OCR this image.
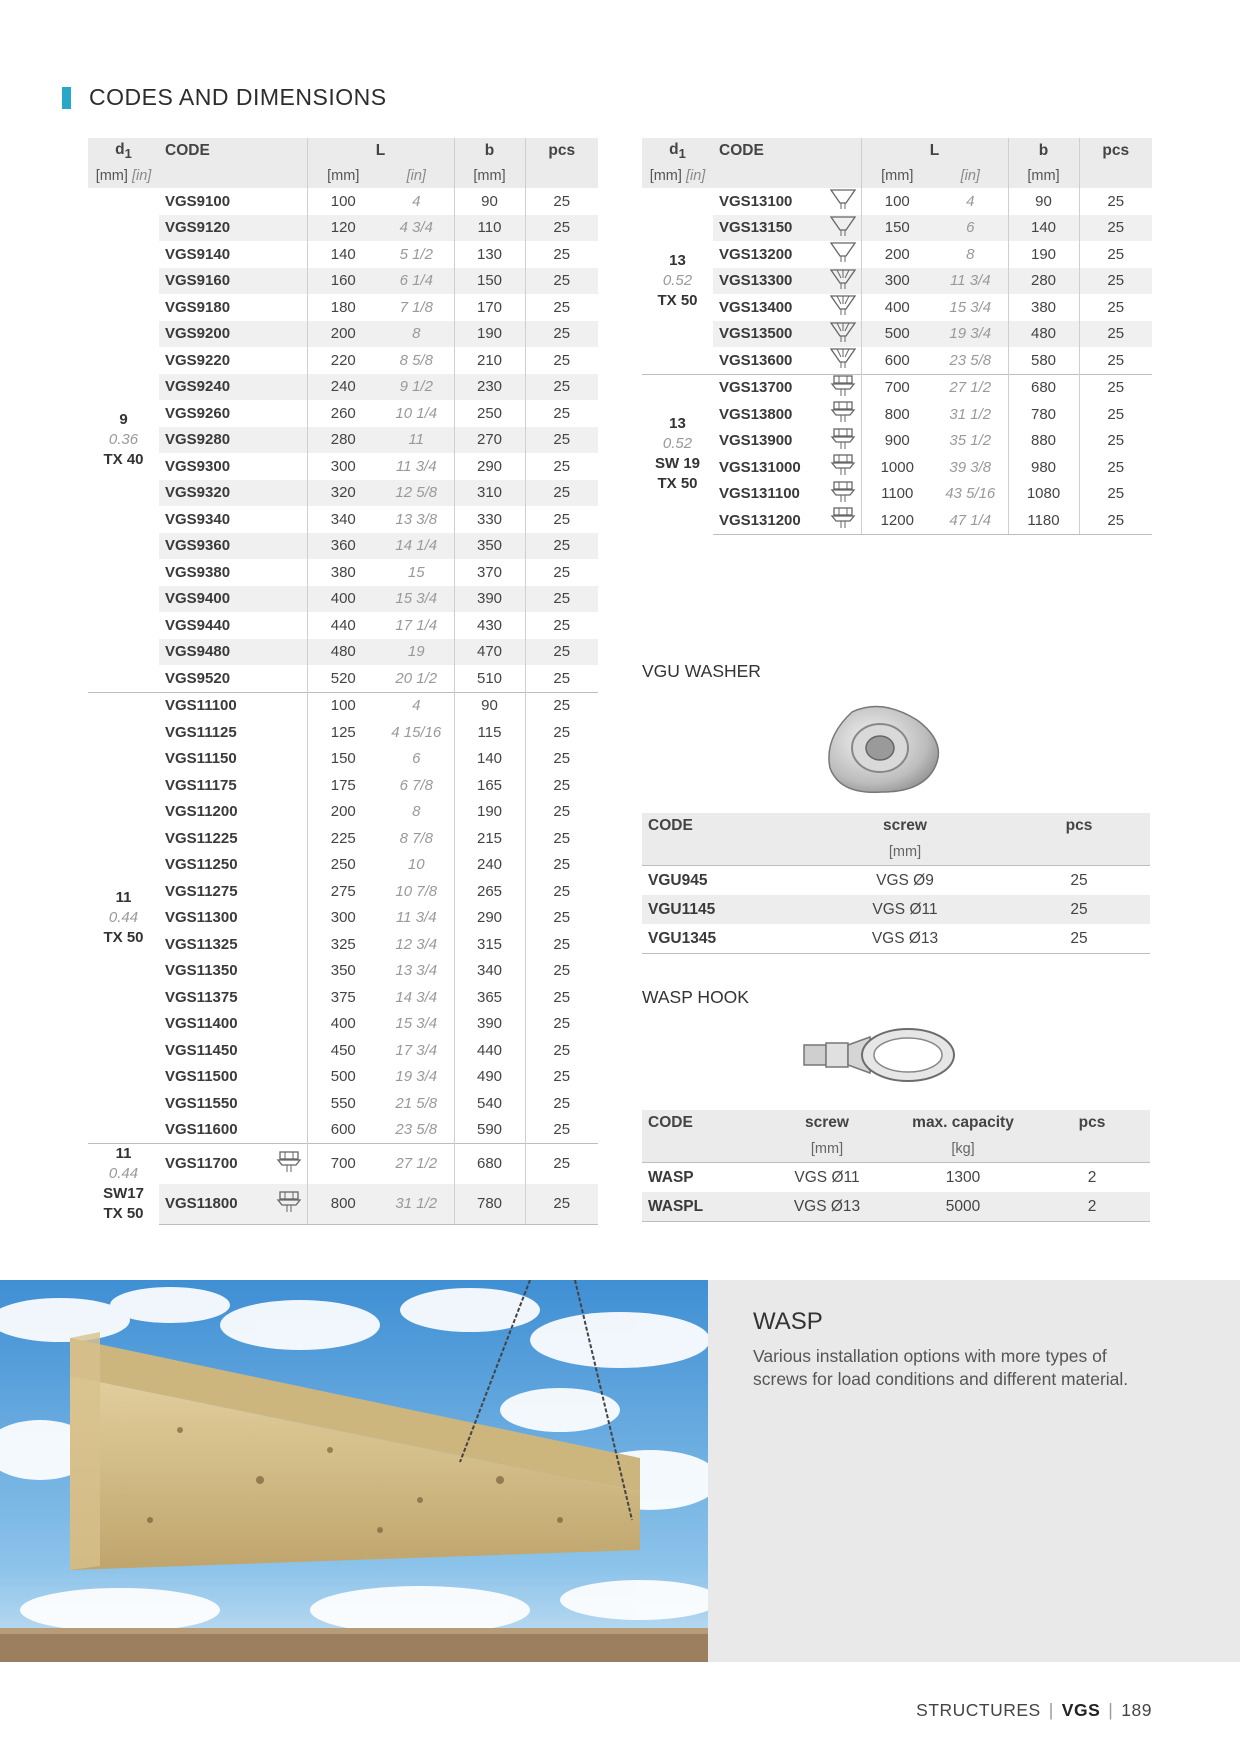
CODES AND DIMENSIONS
$d_1$	CODE		L		b	pcs
[mm] [in]			[mm]	[in]	[mm]	
9
0.36
TX 40	VGS9100		100	4	90	25
	VGS9120		120	4 3/4	110	25
	VGS9140		140	5 1/2	130	25
	VGS9160		160	6 1/4	150	25
	VGS9180		180	7 1/8	170	25
	VGS9200		200	8	190	25
	VGS9220		220	8 5/8	210	25
	VGS9240		240	9 1/2	230	25
	VGS9260		260	10 1/4	250	25
	VGS9280		280	11	270	25
	VGS9300		300	11 3/4	290	25
	VGS9320		320	12 5/8	310	25
	VGS9340		340	13 3/8	330	25
	VGS9360		360	14 1/4	350	25
	VGS9380		380	15	370	25
	VGS9400		400	15 3/4	390	25
	VGS9440		440	17 1/4	430	25
	VGS9480		480	19	470	25
	VGS9520		520	20 1/2	510	25
11
0.44
TX 50	VGS11100		100	4	90	25
	VGS11125		125	4 15/16	115	25
	VGS11150		150	6	140	25
	VGS11175		175	6 7/8	165	25
	VGS11200		200	8	190	25
	VGS11225		225	8 7/8	215	25
	VGS11250		250	10	240	25
	VGS11275		275	10 7/8	265	25
	VGS11300		300	11 3/4	290	25
	VGS11325		325	12 3/4	315	25
	VGS11350		350	13 3/4	340	25
	VGS11375		375	14 3/4	365	25
	VGS11400		400	15 3/4	390	25
	VGS11450		450	17 3/4	440	25
	VGS11500		500	19 3/4	490	25
	VGS11550		550	21 5/8	540	25
	VGS11600		600	23 5/8	590	25
11
0.44
SW17
TX 50	VGS11700		700	27 1/2	680	25
	VGS11800		800	31 1/2	780	25
$d_1$	CODE		L		b	pcs
[mm] [in]			[mm]	[in]	[mm]	
13
0.52
TX 50	VGS13100		100	4	90	25
	VGS13150		150	6	140	25
	VGS13200		200	8	190	25
	VGS13300		300	11 3/4	280	25
	VGS13400		400	15 3/4	380	25
	VGS13500		500	19 3/4	480	25
	VGS13600		600	23 5/8	580	25
13
0.52
SW 19
TX 50	VGS13700		700	27 1/2	680	25
	VGS13800		800	31 1/2	780	25
	VGS13900		900	35 1/2	880	25
	VGS131000		1000	39 3/8	980	25
	VGS131100		1100	43 5/16	1080	25
	VGS131200		1200	47 1/4	1180	25
VGU WASHER
CODE	screw	pcs
	[mm]	
VGU945	VGS Ø9	25
VGU1145	VGS Ø11	25
VGU1345	VGS Ø13	25
WASP HOOK
CODE	screw	max. capacity	pcs
	[mm]	[kg]	
WASP	VGS Ø11	1300	2
WASPL	VGS Ø13	5000	2
WASP

Various installation options with more types of screws for load conditions and different material.

STRUCTURES | VGS | 189
